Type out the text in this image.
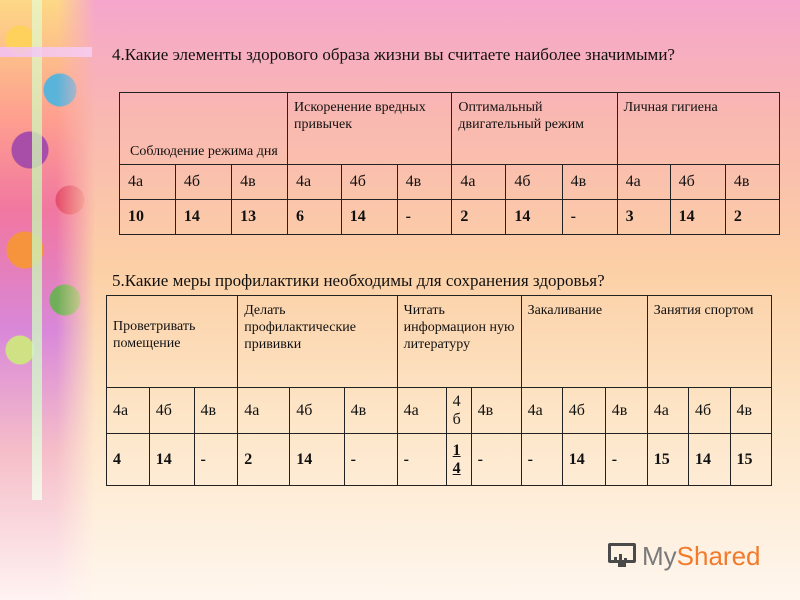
4.Какие элементы здорового образа жизни вы считаете наиболее значимыми?
Соблюдение режима дня			Искоренение вредных привычек			Оптимальный двигательный режим			Личная гигиена		
4а	4б	4в	4а	4б	4в	4а	4б	4в	4а	4б	4в
10	14	13	6	14	-	2	14	-	3	14	2
5.Какие меры профилактики необходимы для сохранения здоровья?
Проветривать помещение			Делать профилактические прививки			Читать информацион ную литературу			Закаливание			Занятия спортом		
4а	4б	4в	4а	4б	4в	4а	4 б	4в	4а	4б	4в	4а	4б	4в
4	14	-	2	14	-	-	1 4	-	-	14	-	15	14	15
My Shared
